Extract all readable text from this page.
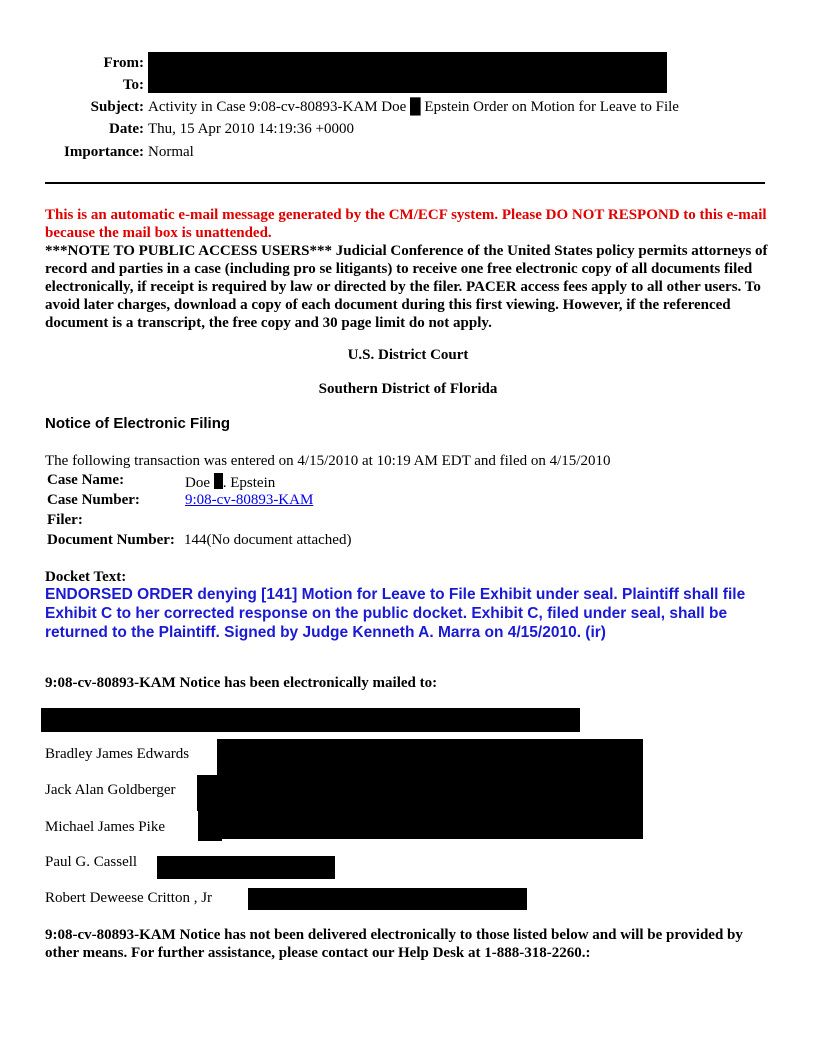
From:
To:
Subject: Activity in Case 9:08-cv-80893-KAM Doe █ Epstein Order on Motion for Leave to File
Date: Thu, 15 Apr 2010 14:19:36 +0000
Importance: Normal
This is an automatic e-mail message generated by the CM/ECF system. Please DO NOT RESPOND to this e-mail because the mail box is unattended.
***NOTE TO PUBLIC ACCESS USERS*** Judicial Conference of the United States policy permits attorneys of record and parties in a case (including pro se litigants) to receive one free electronic copy of all documents filed electronically, if receipt is required by law or directed by the filer. PACER access fees apply to all other users. To avoid later charges, download a copy of each document during this first viewing. However, if the referenced document is a transcript, the free copy and 30 page limit do not apply.
U.S. District Court
Southern District of Florida
Notice of Electronic Filing
The following transaction was entered on 4/15/2010 at 10:19 AM EDT and filed on 4/15/2010
Case Name:	Doe . Epstein
Case Number:	9:08-cv-80893-KAM
Filer:
Document Number: 144(No document attached)
Docket Text:
ENDORSED ORDER denying [141] Motion for Leave to File Exhibit under seal. Plaintiff shall file Exhibit C to her corrected response on the public docket. Exhibit C, filed under seal, shall be returned to the Plaintiff. Signed by Judge Kenneth A. Marra on 4/15/2010. (ir)
9:08-cv-80893-KAM Notice has been electronically mailed to:
Bradley James Edwards
Jack Alan Goldberger
Michael James Pike
Paul G. Cassell
Robert Deweese Critton , Jr
9:08-cv-80893-KAM Notice has not been delivered electronically to those listed below and will be provided by other means. For further assistance, please contact our Help Desk at 1-888-318-2260.:
